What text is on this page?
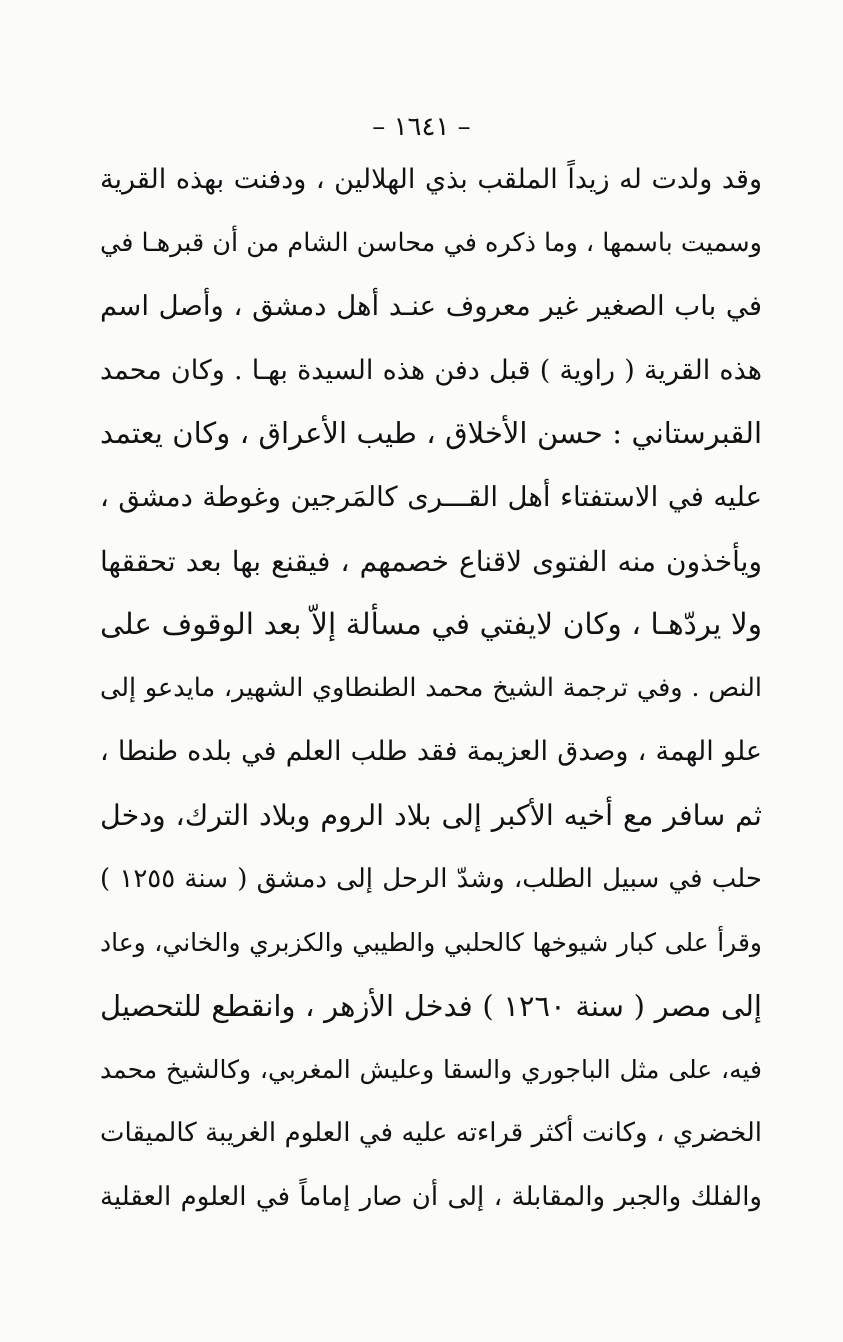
– ١٦٤١ –
وقد ولدت له زيداً الملقب بذي الهلالين ، ودفنت بهذه القرية
وسميت باسمها ، وما ذكره في محاسن الشام من أن قبرهـا في
في باب الصغير غير معروف عنـد أهل دمشق ، وأصل اسم
هذه القرية ( راوية ) قبل دفن هذه السيدة بهـا . وكان محمد
القبرستاني : حسن الأخلاق ، طيب الأعراق ، وكان يعتمد
عليه في الاستفتاء أهل القـــرى كالمَرجين وغوطة دمشق ،
ويأخذون منه الفتوى لاقناع خصمهم ، فيقنع بها بعد تحققها
ولا يردّهـا ، وكان لايفتي في مسألة إلاّ بعد الوقوف على
النص . وفي ترجمة الشيخ محمد الطنطاوي الشهير، مايدعو إلى
علو الهمة ، وصدق العزيمة فقد طلب العلم في بلده طنطا ،
ثم سافر مع أخيه الأكبر إلى بلاد الروم وبلاد الترك، ودخل
حلب في سبيل الطلب، وشدّ الرحل إلى دمشق ( سنة ١٢٥٥ )
وقرأ على كبار شيوخها كالحلبي والطيبي والكزبري والخاني، وعاد
إلى مصر ( سنة ١٢٦٠ ) فدخل الأزهر ، وانقطع للتحصيل
فيه، على مثل الباجوري والسقا وعليش المغربي، وكالشيخ محمد
الخضري ، وكانت أكثر قراءته عليه في العلوم الغريبة كالميقات
والفلك والجبر والمقابلة ، إلى أن صار إماماً في العلوم العقلية
